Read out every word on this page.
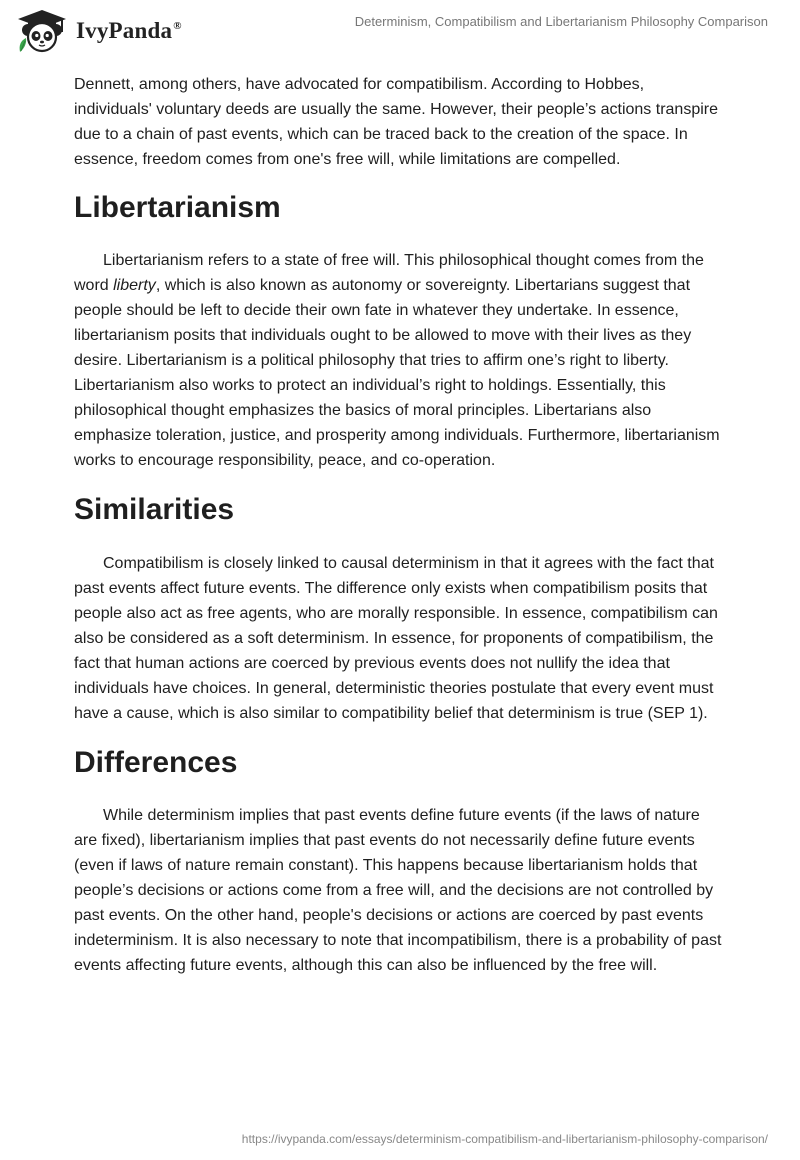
IvyPanda®	Determinism, Compatibilism and Libertarianism Philosophy Comparison

Dennett, among others, have advocated for compatibilism. According to Hobbes, individuals' voluntary deeds are usually the same. However, their people’s actions transpire due to a chain of past events, which can be traced back to the creation of the space. In essence, freedom comes from one's free will, while limitations are compelled.

Libertarianism

Libertarianism refers to a state of free will. This philosophical thought comes from the word liberty, which is also known as autonomy or sovereignty. Libertarians suggest that people should be left to decide their own fate in whatever they undertake. In essence, libertarianism posits that individuals ought to be allowed to move with their lives as they desire. Libertarianism is a political philosophy that tries to affirm one’s right to liberty. Libertarianism also works to protect an individual’s right to holdings. Essentially, this philosophical thought emphasizes the basics of moral principles. Libertarians also emphasize toleration, justice, and prosperity among individuals. Furthermore, libertarianism works to encourage responsibility, peace, and co-operation.

Similarities

Compatibilism is closely linked to causal determinism in that it agrees with the fact that past events affect future events. The difference only exists when compatibilism posits that people also act as free agents, who are morally responsible. In essence, compatibilism can also be considered as a soft determinism. In essence, for proponents of compatibilism, the fact that human actions are coerced by previous events does not nullify the idea that individuals have choices. In general, deterministic theories postulate that every event must have a cause, which is also similar to compatibility belief that determinism is true (SEP 1).

Differences

While determinism implies that past events define future events (if the laws of nature are fixed), libertarianism implies that past events do not necessarily define future events (even if laws of nature remain constant). This happens because libertarianism holds that people’s decisions or actions come from a free will, and the decisions are not controlled by past events. On the other hand, people's decisions or actions are coerced by past events indeterminism. It is also necessary to note that incompatibilism, there is a probability of past events affecting future events, although this can also be influenced by the free will.

https://ivypanda.com/essays/determinism-compatibilism-and-libertarianism-philosophy-comparison/
